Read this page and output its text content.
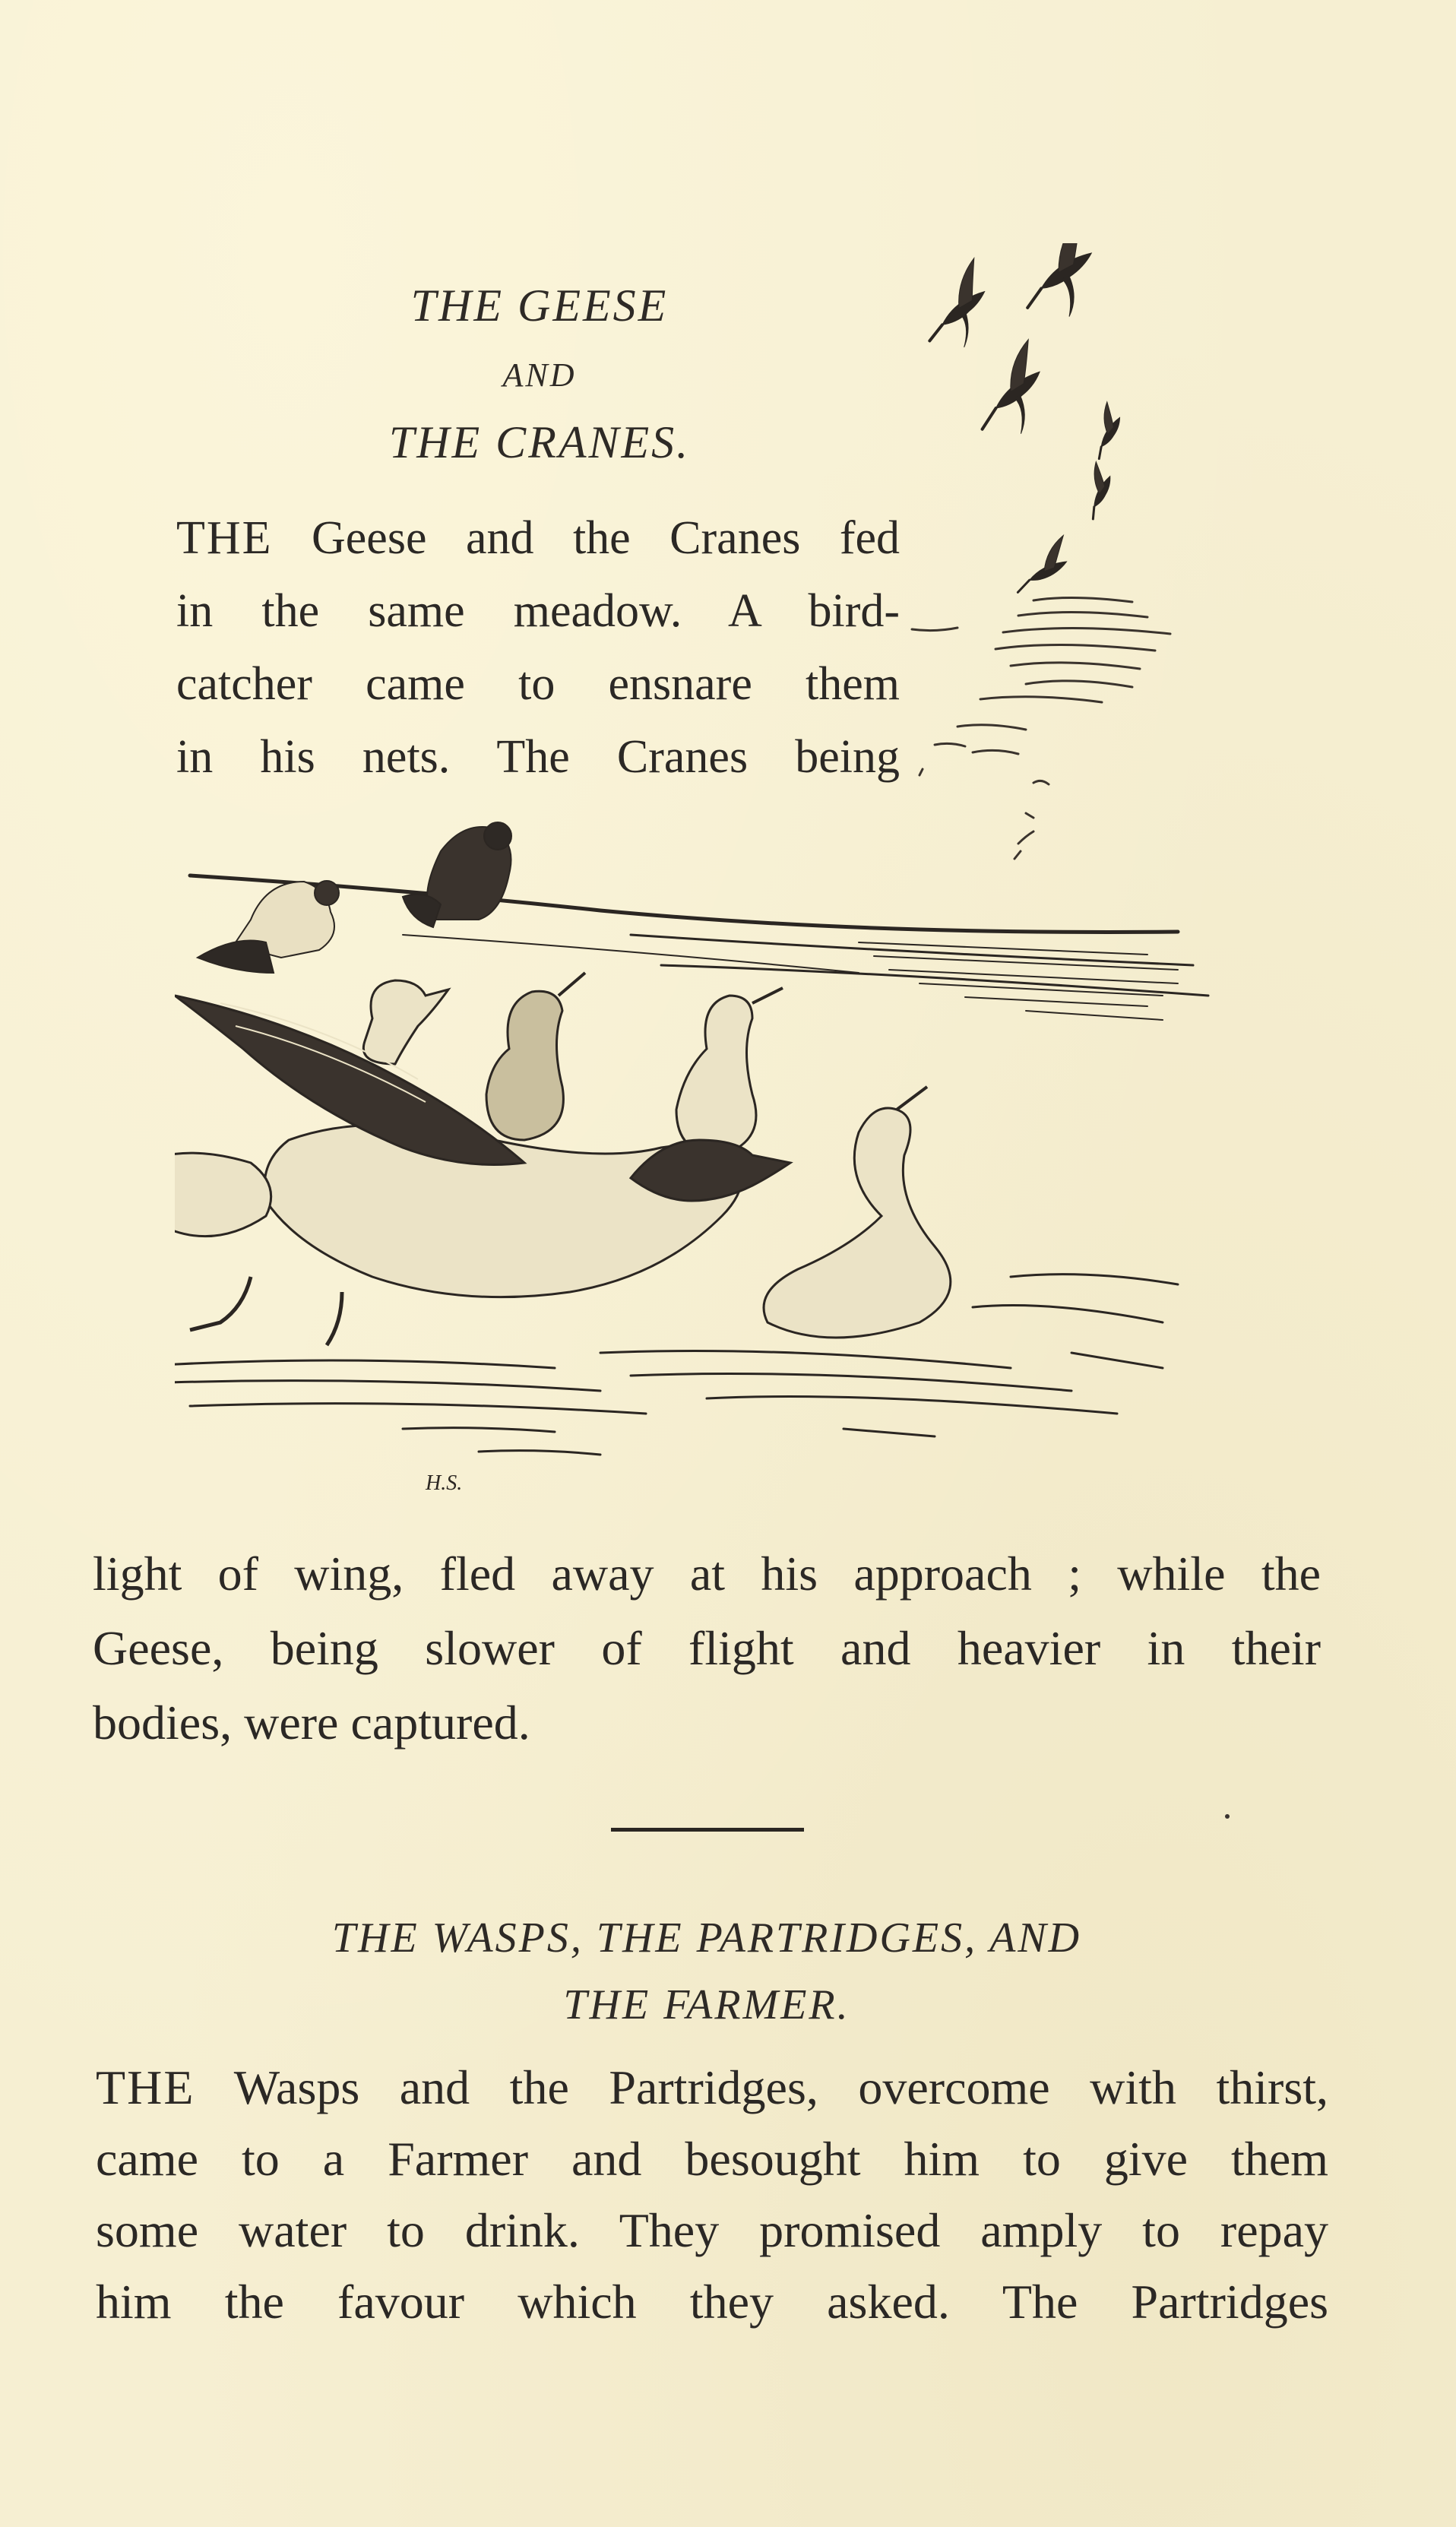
THE GEESE
AND
THE CRANES.
THE Geese and the Cranes fed
in the same meadow. A bird-
catcher came to ensnare them
in his nets. The Cranes being
H.S.
light of wing, fled away at his approach ; while the
Geese, being slower of flight and heavier in their
bodies, were captured.
THE WASPS, THE PARTRIDGES, AND
THE FARMER.
THE Wasps and the Partridges, overcome with thirst,
came to a Farmer and besought him to give them
some water to drink. They promised amply to repay
him the favour which they asked. The Partridges
